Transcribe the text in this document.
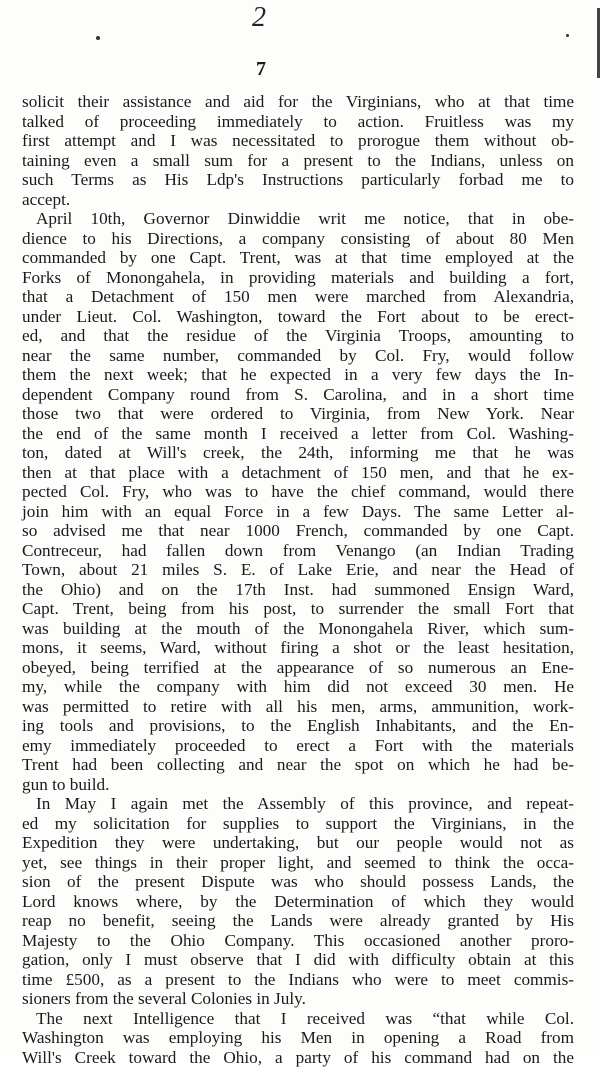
2
7
solicit their assistance and aid for the Virginians, who at that time
talked of proceeding immediately to action. Fruitless was my
first attempt and I was necessitated to prorogue them without ob-
taining even a small sum for a present to the Indians, unless on
such Terms as His Ldp's Instructions particularly forbad me to
accept.
April 10th, Governor Dinwiddie writ me notice, that in obe-
dience to his Directions, a company consisting of about 80 Men
commanded by one Capt. Trent, was at that time employed at the
Forks of Monongahela, in providing materials and building a fort,
that a Detachment of 150 men were marched from Alexandria,
under Lieut. Col. Washington, toward the Fort about to be erect-
ed, and that the residue of the Virginia Troops, amounting to
near the same number, commanded by Col. Fry, would follow
them the next week; that he expected in a very few days the In-
dependent Company round from S. Carolina, and in a short time
those two that were ordered to Virginia, from New York. Near
the end of the same month I received a letter from Col. Washing-
ton, dated at Will's creek, the 24th, informing me that he was
then at that place with a detachment of 150 men, and that he ex-
pected Col. Fry, who was to have the chief command, would there
join him with an equal Force in a few Days. The same Letter al-
so advised me that near 1000 French, commanded by one Capt.
Contreceur, had fallen down from Venango (an Indian Trading
Town, about 21 miles S. E. of Lake Erie, and near the Head of
the Ohio) and on the 17th Inst. had summoned Ensign Ward,
Capt. Trent, being from his post, to surrender the small Fort that
was building at the mouth of the Monongahela River, which sum-
mons, it seems, Ward, without firing a shot or the least hesitation,
obeyed, being terrified at the appearance of so numerous an Ene-
my, while the company with him did not exceed 30 men. He
was permitted to retire with all his men, arms, ammunition, work-
ing tools and provisions, to the English Inhabitants, and the En-
emy immediately proceeded to erect a Fort with the materials
Trent had been collecting and near the spot on which he had be-
gun to build.
In May I again met the Assembly of this province, and repeat-
ed my solicitation for supplies to support the Virginians, in the
Expedition they were undertaking, but our people would not as
yet, see things in their proper light, and seemed to think the occa-
sion of the present Dispute was who should possess Lands, the
Lord knows where, by the Determination of which they would
reap no benefit, seeing the Lands were already granted by His
Majesty to the Ohio Company. This occasioned another proro-
gation, only I must observe that I did with difficulty obtain at this
time £500, as a present to the Indians who were to meet commis-
sioners from the several Colonies in July.
The next Intelligence that I received was “that while Col.
Washington was employing his Men in opening a Road from
Will's Creek toward the Ohio, a party of his command had on the
